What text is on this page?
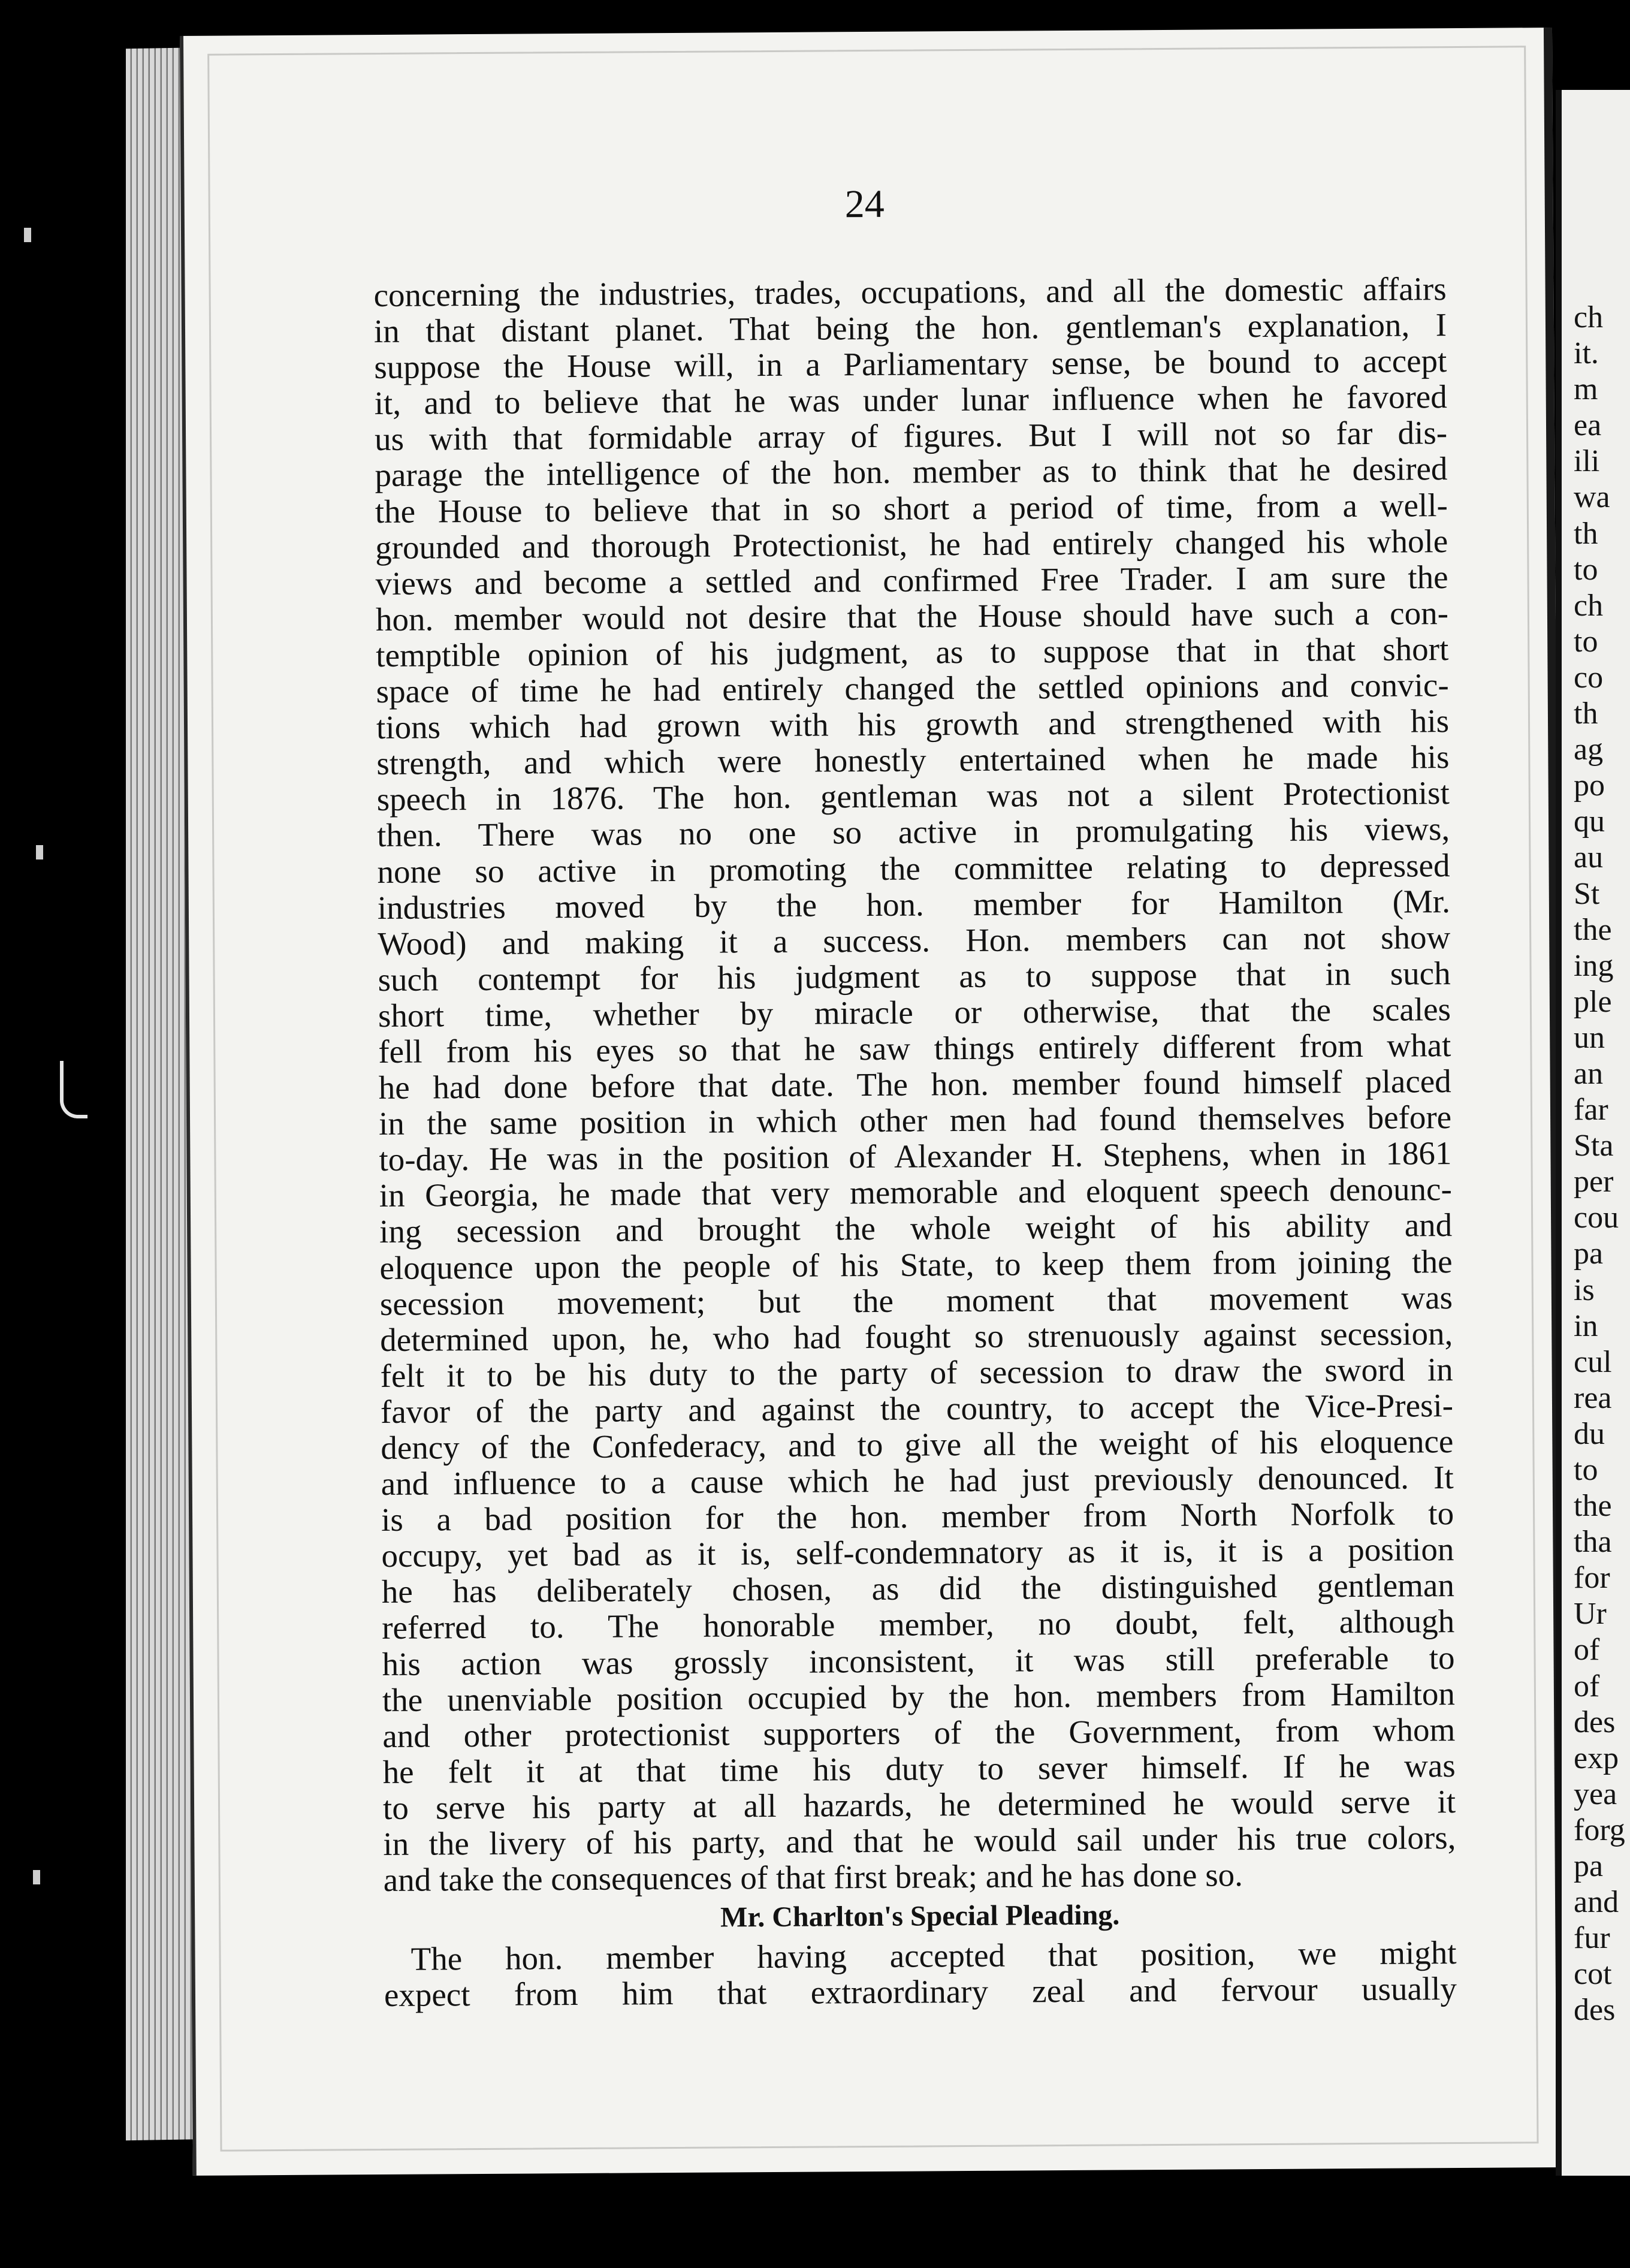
24
concerning the industries, trades, occupations, and all the domestic affairs
in that distant planet. That being the hon. gentleman's explanation, I
suppose the House will, in a Parliamentary sense, be bound to accept
it, and to believe that he was under lunar influence when he favored
us with that formidable array of figures. But I will not so far dis-
parage the intelligence of the hon. member as to think that he desired
the House to believe that in so short a period of time, from a well-
grounded and thorough Protectionist, he had entirely changed his whole
views and become a settled and confirmed Free Trader. I am sure the
hon. member would not desire that the House should have such a con-
temptible opinion of his judgment, as to suppose that in that short
space of time he had entirely changed the settled opinions and convic-
tions which had grown with his growth and strengthened with his
strength, and which were honestly entertained when he made his
speech in 1876. The hon. gentleman was not a silent Protectionist
then. There was no one so active in promulgating his views,
none so active in promoting the committee relating to depressed
industries moved by the hon. member for Hamilton (Mr.
Wood) and making it a success. Hon. members can not show
such contempt for his judgment as to suppose that in such
short time, whether by miracle or otherwise, that the scales
fell from his eyes so that he saw things entirely different from what
he had done before that date. The hon. member found himself placed
in the same position in which other men had found themselves before
to-day. He was in the position of Alexander H. Stephens, when in 1861
in Georgia, he made that very memorable and eloquent speech denounc-
ing secession and brought the whole weight of his ability and
eloquence upon the people of his State, to keep them from joining the
secession movement; but the moment that movement was
determined upon, he, who had fought so strenuously against secession,
felt it to be his duty to the party of secession to draw the sword in
favor of the party and against the country, to accept the Vice-Presi-
dency of the Confederacy, and to give all the weight of his eloquence
and influence to a cause which he had just previously denounced. It
is a bad position for the hon. member from North Norfolk to
occupy, yet bad as it is, self-condemnatory as it is, it is a position
he has deliberately chosen, as did the distinguished gentleman
referred to. The honorable member, no doubt, felt, although
his action was grossly inconsistent, it was still preferable to
the unenviable position occupied by the hon. members from Hamilton
and other protectionist supporters of the Government, from whom
he felt it at that time his duty to sever himself. If he was
to serve his party at all hazards, he determined he would serve it
in the livery of his party, and that he would sail under his true colors,
and take the consequences of that first break; and he has done so.
Mr. Charlton's Special Pleading.
The hon. member having accepted that position, we might
expect from him that extraordinary zeal and fervour usually
ch
it.
m
ea
ili
wa
th
to
ch
to
co
th
ag
po
qu
au
St
the
ing
ple
un
an
far
Sta
per
cou
pa
is
in
cul
rea
du
to
the
tha
for
Ur
of
of
des
exp
yea
forg
pa
and
fur
cot
des
